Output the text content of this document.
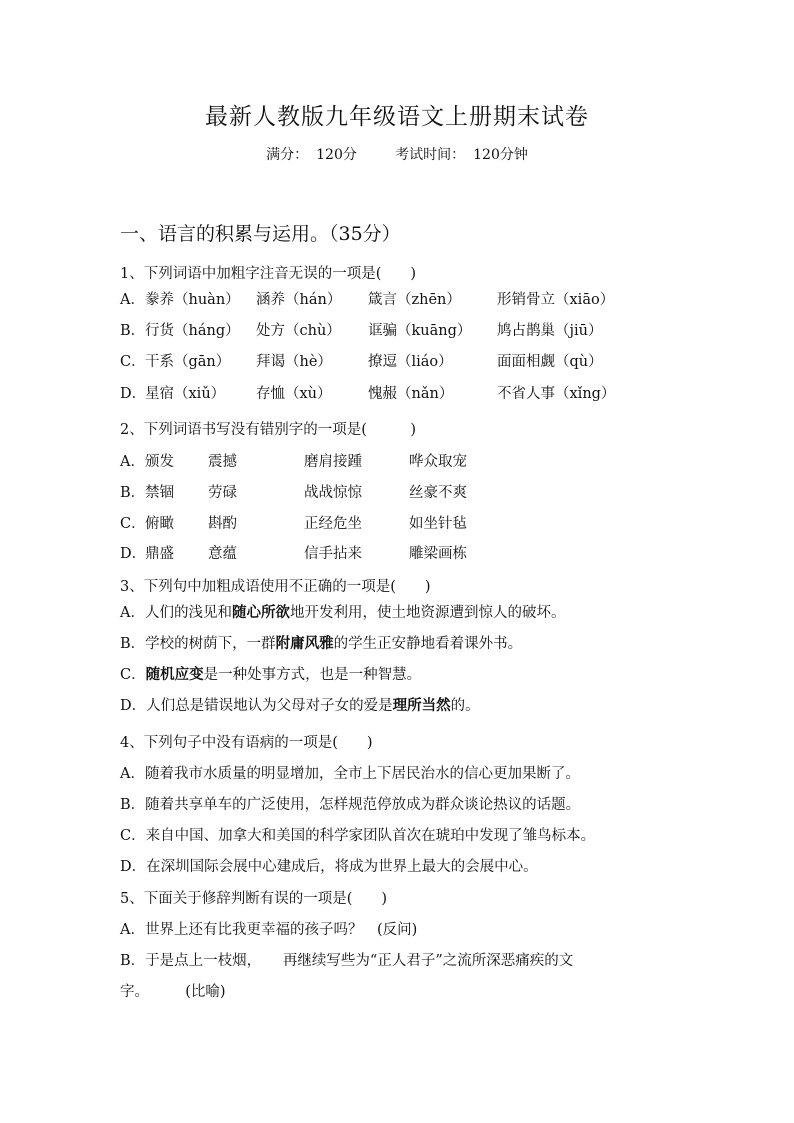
最新人教版九年级语文上册期末试卷
满分： 120分	考试时间： 120分钟
一、语言的积累与运用。（35分）
1、下列词语中加粗字注音无误的一项是(　　)
A． 豢养（huàn） 涵养（hán） 箴言（zhēn） 形销骨立（xiāo）
B． 行货（háng） 处方（chù） 诓骗（kuāng） 鸠占鹊巢（jiū）
C． 干系（gān） 拜谒（hè） 撩逗（liáo）	面面相觑（qù）
D．
星宿（xiǔ） 存恤（xù）	愧赧（nǎn）	不省人事（xǐng）
2、下列词语书写没有错别字的一项是(　　　)
A． 颁发 震撼	磨肩接踵	哗众取宠
B． 禁锢 劳碌	战战惊惊	丝豪不爽
C． 俯瞰 斟酌	正经危坐	如坐针毡
D．
鼎盛 意蕴	信手拈来	雕梁画栋
3、下列句中加粗成语使用不正确的一项是(　　)
A．人们的浅见和随心所欲地开发利用，使土地资源遭到惊人的破坏。
B．学校的树荫下，一群附庸风雅的学生正安静地看着课外书。
C．随机应变是一种处事方式，也是一种智慧。
D．人们总是错误地认为父母对子女的爱是理所当然的。
4、下列句子中没有语病的一项是(　　)
A．随着我市水质量的明显增加，全市上下居民治水的信心更加果断了。
B．随着共享单车的广泛使用，怎样规范停放成为群众谈论热议的话题。
C．来自中国、加拿大和美国的科学家团队首次在琥珀中发现了雏鸟标本。
D．在深圳国际会展中心建成后，将成为世界上最大的会展中心。
5、下面关于修辞判断有误的一项是(　　)
A．世界上还有比我更幸福的孩子吗？　(反问)
B．于是点上一枝烟，　　再继续写些为“正人君子”之流所深恶痛疾的文
字。　　　(比喻)
